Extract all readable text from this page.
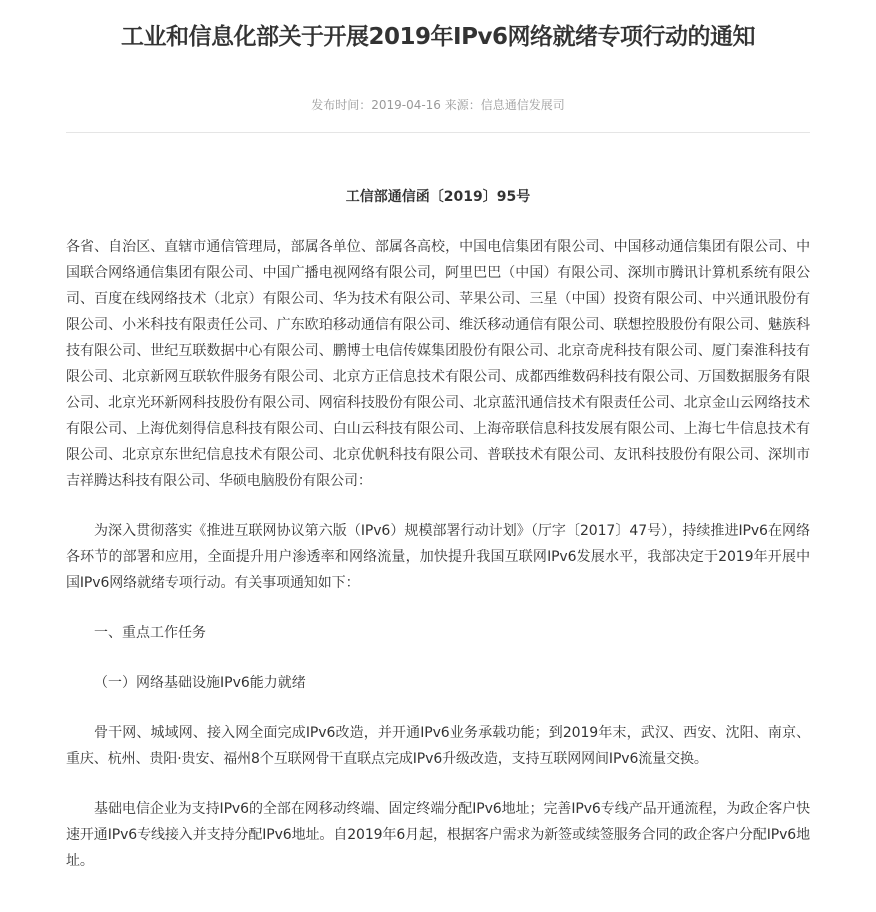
工业和信息化部关于开展2019年IPv6网络就绪专项行动的通知
发布时间：2019-04-16 来源：信息通信发展司

工信部通信函〔2019〕95号

各省、自治区、直辖市通信管理局，部属各单位、部属各高校，中国电信集团有限公司、中国移动通信集团有限公司、中国联合网络通信集团有限公司、中国广播电视网络有限公司，阿里巴巴（中国）有限公司、深圳市腾讯计算机系统有限公司、百度在线网络技术（北京）有限公司、华为技术有限公司、苹果公司、三星（中国）投资有限公司、中兴通讯股份有限公司、小米科技有限责任公司、广东欧珀移动通信有限公司、维沃移动通信有限公司、联想控股股份有限公司、魅族科技有限公司、世纪互联数据中心有限公司、鹏博士电信传媒集团股份有限公司、北京奇虎科技有限公司、厦门秦淮科技有限公司、北京新网互联软件服务有限公司、北京方正信息技术有限公司、成都西维数码科技有限公司、万国数据服务有限公司、北京光环新网科技股份有限公司、网宿科技股份有限公司、北京蓝汛通信技术有限责任公司、北京金山云网络技术有限公司、上海优刻得信息科技有限公司、白山云科技有限公司、上海帝联信息科技发展有限公司、上海七牛信息技术有限公司、北京京东世纪信息技术有限公司、北京优帆科技有限公司、普联技术有限公司、友讯科技股份有限公司、深圳市吉祥腾达科技有限公司、华硕电脑股份有限公司：

为深入贯彻落实《推进互联网协议第六版（IPv6）规模部署行动计划》（厅字〔2017〕47号），持续推进IPv6在网络各环节的部署和应用，全面提升用户渗透率和网络流量，加快提升我国互联网IPv6发展水平，我部决定于2019年开展中国IPv6网络就绪专项行动。有关事项通知如下：

一、重点工作任务

（一）网络基础设施IPv6能力就绪

骨干网、城域网、接入网全面完成IPv6改造，并开通IPv6业务承载功能；到2019年末，武汉、西安、沈阳、南京、重庆、杭州、贵阳·贵安、福州8个互联网骨干直联点完成IPv6升级改造，支持互联网网间IPv6流量交换。

基础电信企业为支持IPv6的全部在网移动终端、固定终端分配IPv6地址；完善IPv6专线产品开通流程，为政企客户快速开通IPv6专线接入并支持分配IPv6地址。自2019年6月起，根据客户需求为新签或续签服务合同的政企客户分配IPv6地址。
